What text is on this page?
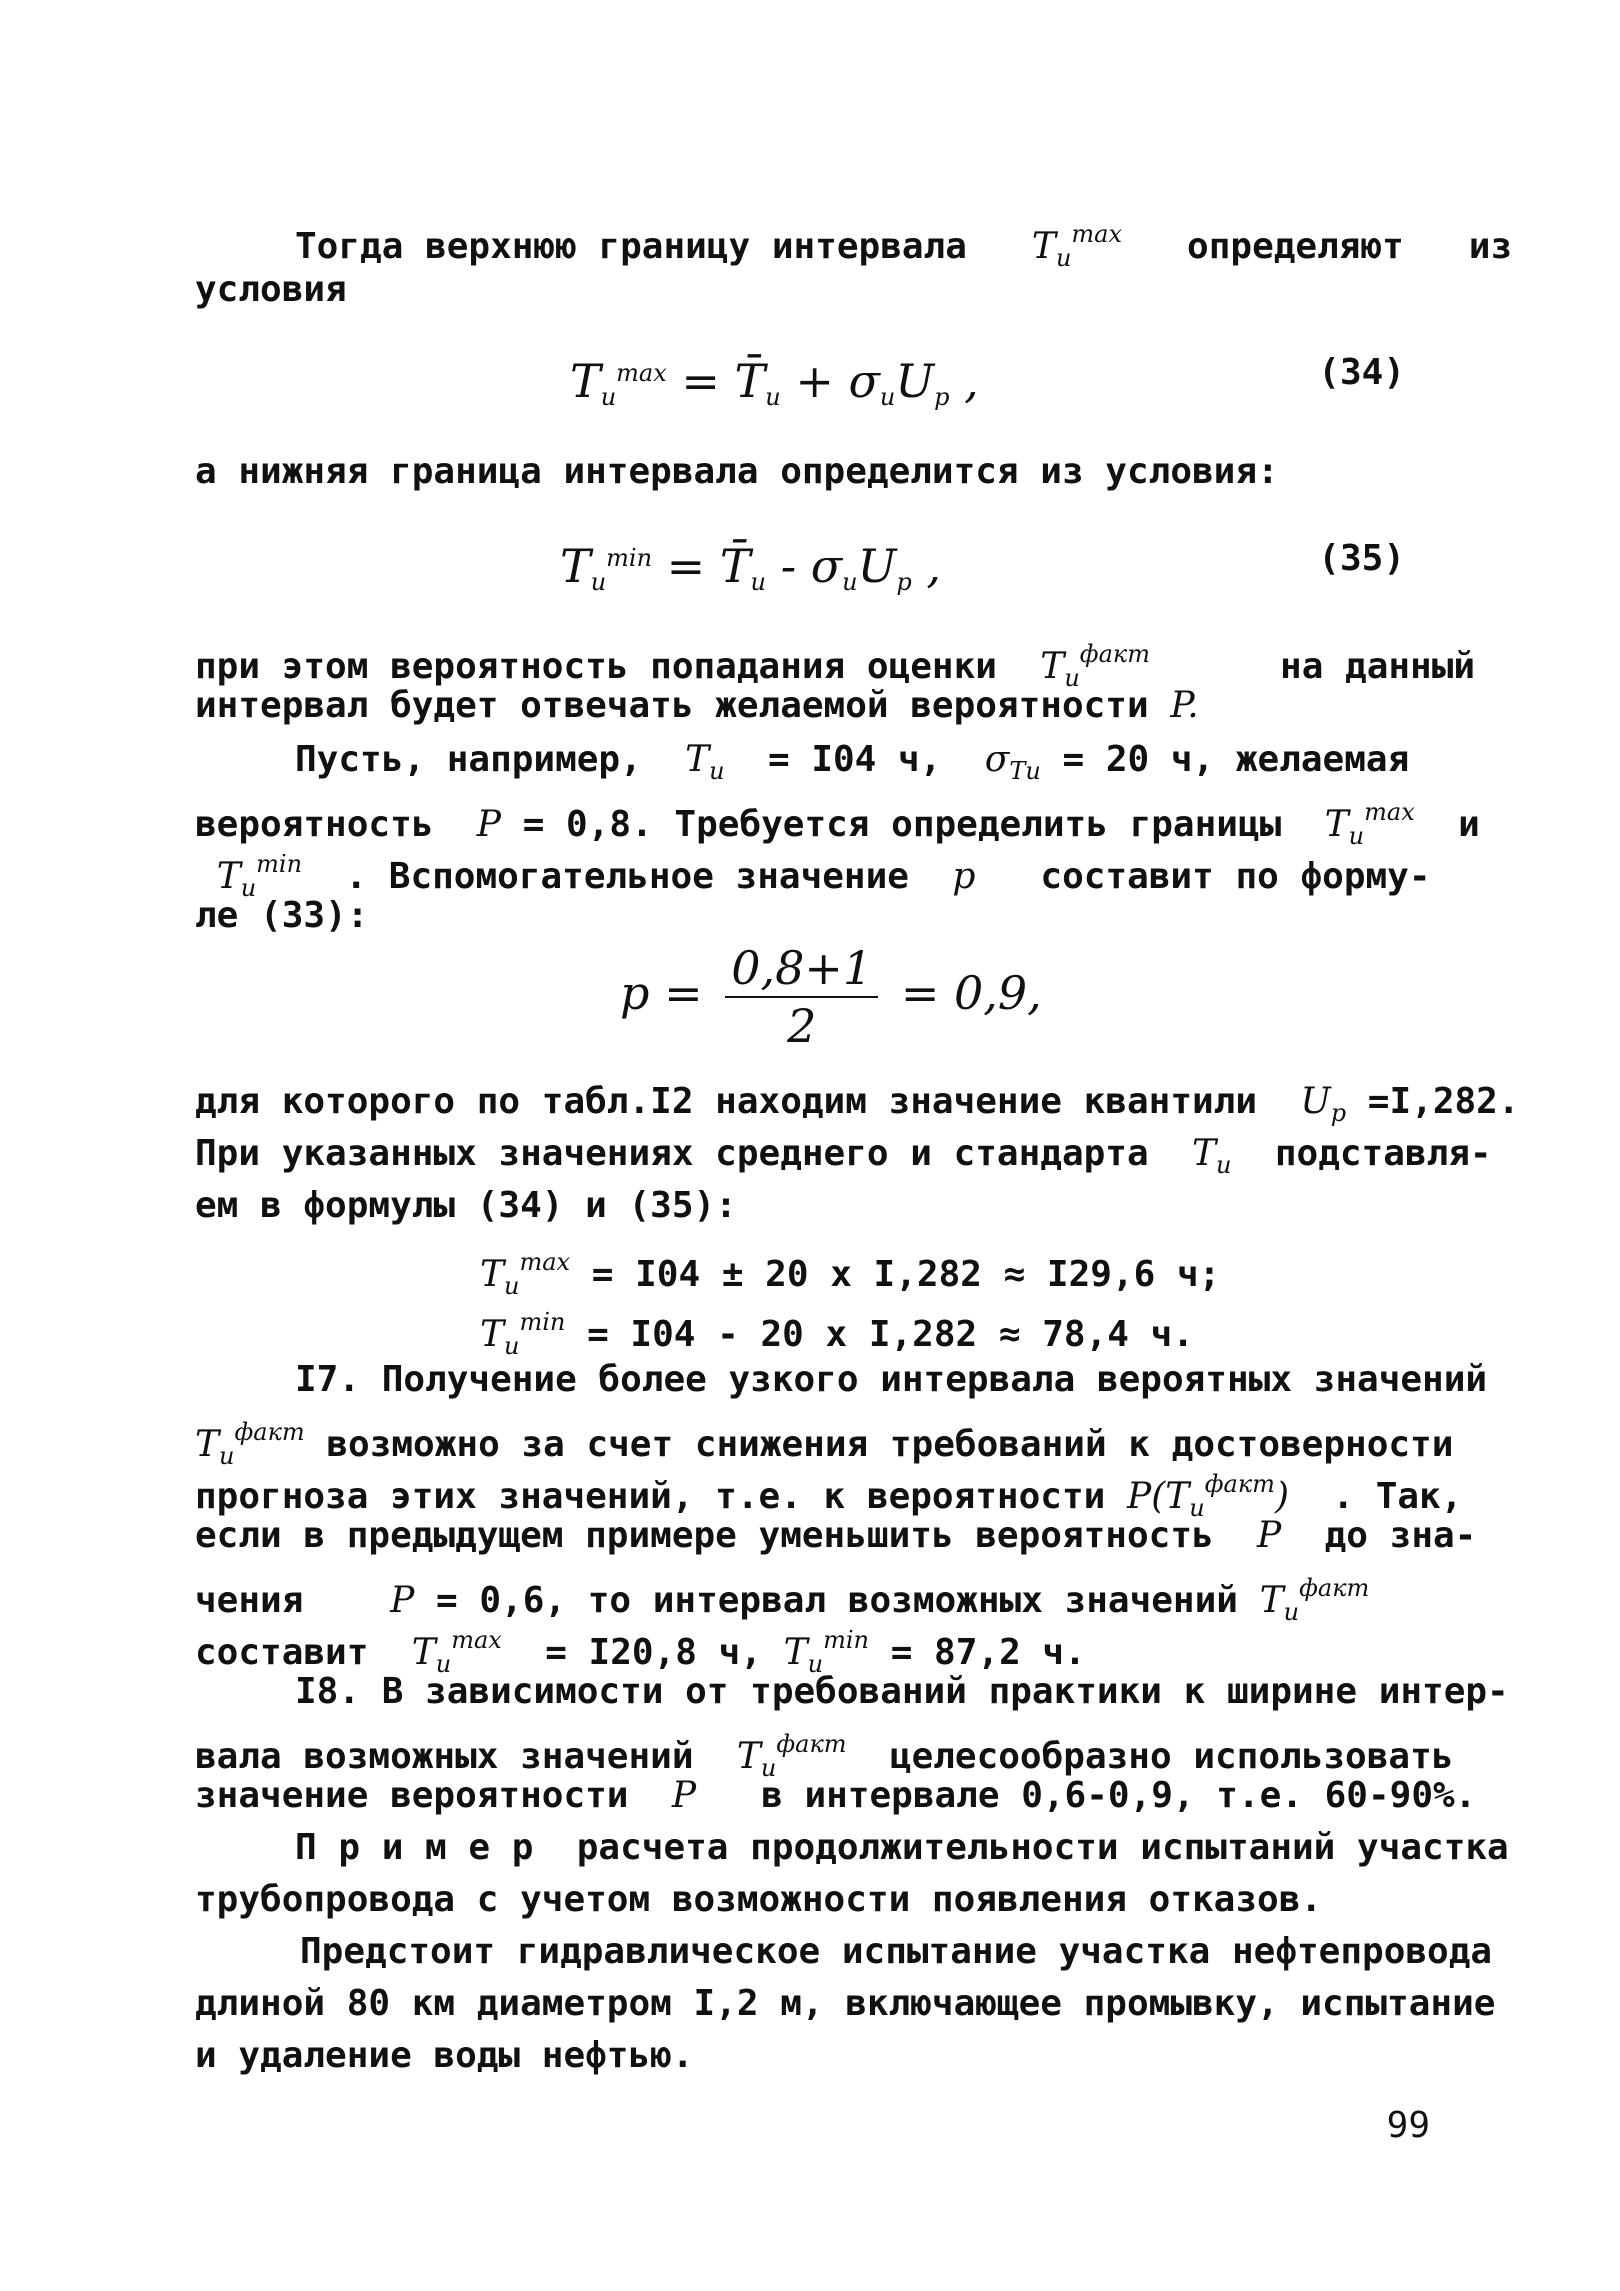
Тогда верхнюю границу интервала $T_и^{max}$ определяют   из
условия
$T_и^{max}$ = $T̄_и + \sigma_иU_p$ ,	(34)
а нижняя граница интервала определится из условия:
$T_и^{min}$ = $T̄_и - \sigma_иU_p$ ,	(35)
при этом вероятность попадания оценки $T_и^{факт}$	на данный
интервал будет отвечать желаемой вероятности P.
Пусть, например, $T_и = I04$ ч, $\sigma_{Tи} = 20$ ч, желаемая
вероятность P = 0,8. Требуется определить границы $T_и^{max}$ и
$T_и^{min}$ . Вспомогательное значение p составит по форму-
ле (33):
$p = \frac{0,8+1}{2} = 0,9$,
для которого по табл.I2 находим значение квантили $U_p =I,282$.
При указанных значениях среднего и стандарта $T_и$ подставля-
ем в формулы (34) и (35):
$T_и^{max} = I04 \pm 20$ x I,282 ≈ I29,6 ч;
$T_и^{min} = I04 - 20$ x I,282 ≈ 78,4 ч.
I7. Получение более узкого интервала вероятных значений
$T_и^{факт}$ возможно за счет снижения требований к достоверности
прогноза этих значений, т.е. к вероятности $P(T_и^{факт})$ . Так,
если в предыдущем примере уменьшить вероятность P до зна-
чения P = 0,6, то интервал возможных значений $T_и^{факт}$
составит $T_и^{max} = I20,8$ ч, $T_и^{min} = 87,2$ ч.
I8. В зависимости от требований практики к ширине интер-
вала возможных значений $T_и^{факт}$ целесообразно использовать
значение вероятности P в интервале 0,6-0,9, т.е. 60-90%.
П р и м е р  расчета продолжительности испытаний участка
трубопровода с учетом возможности появления отказов.
Предстоит гидравлическое испытание участка нефтепровода
длиной 80 км диаметром I,2 м, включающее промывку, испытание
и удаление воды нефтью.
99
